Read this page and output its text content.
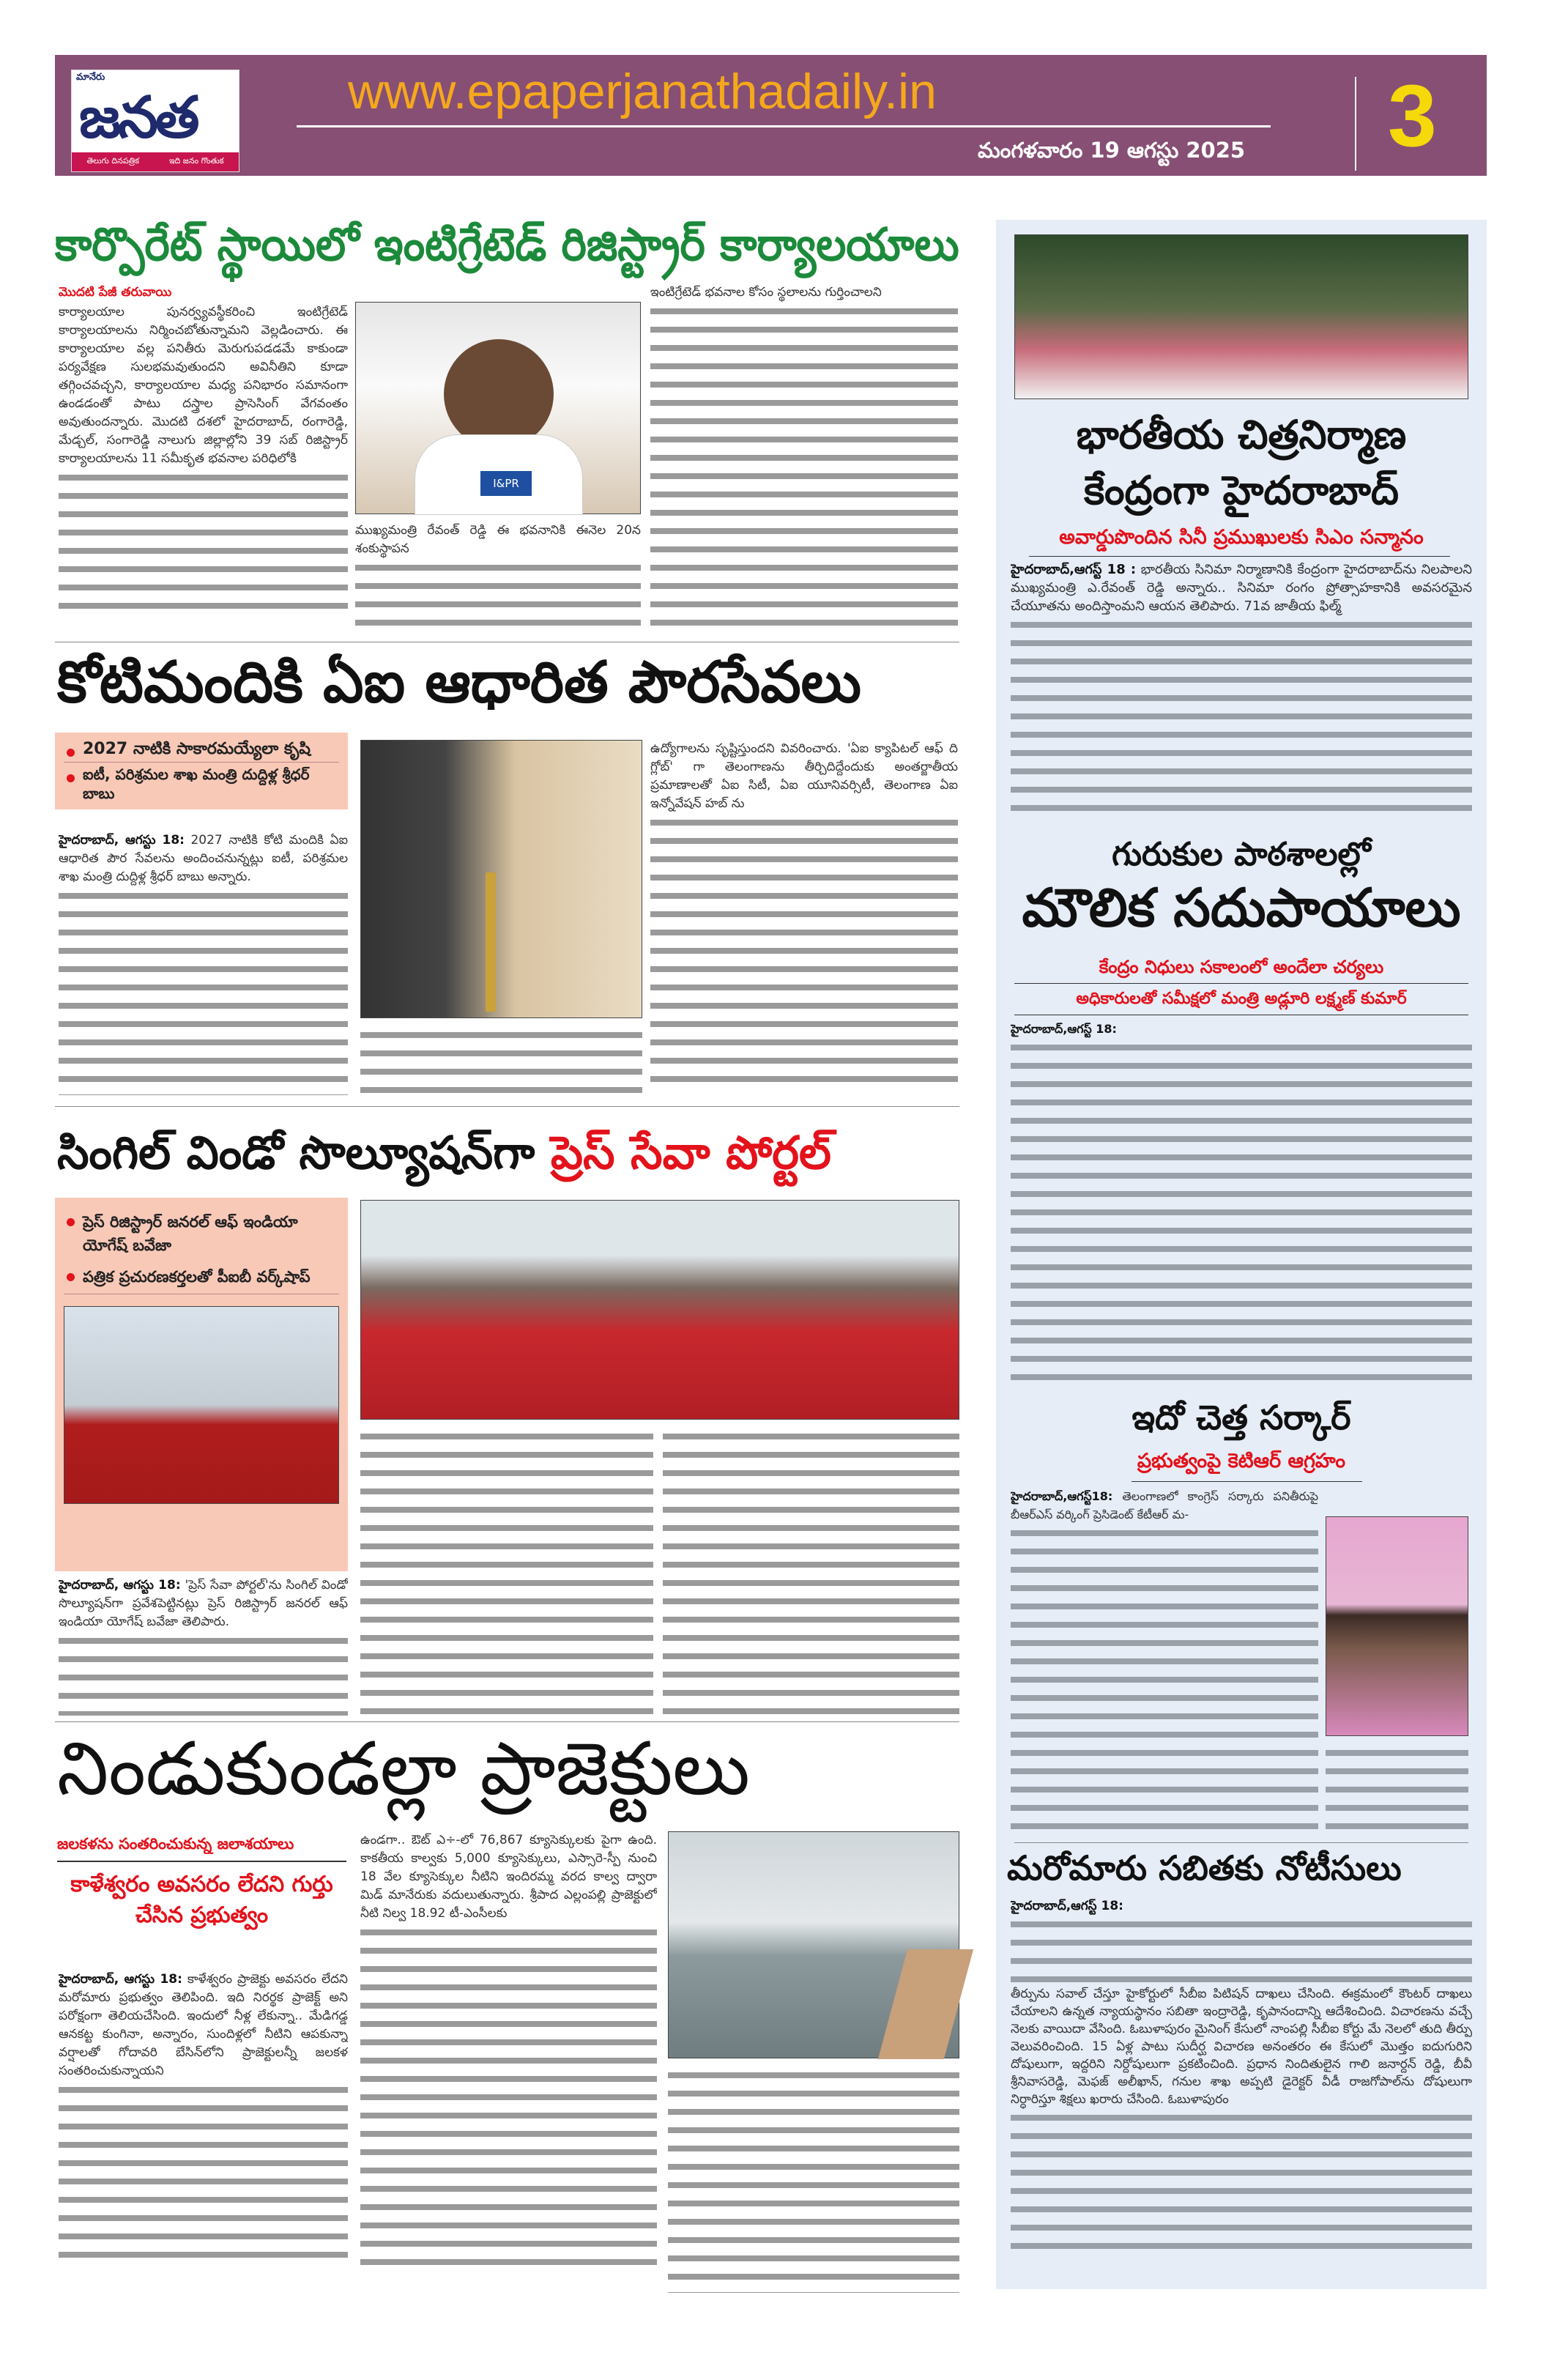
మానేరు
జనత
తెలుగు దినపత్రిక	ఇది జనం గొంతుక
www.epaperjanathadaily.in
మంగళవారం 19 ఆగస్టు 2025 3
కార్పొరేట్ స్థాయిలో ఇంటిగ్రేటెడ్ రిజిస్ట్రార్ కార్యాలయాలు
మొదటి పేజీ తరువాయి

కార్యాలయాల పునర్వ్యవస్థీకరించి ఇంటిగ్రేటెడ్ కార్యాలయాలను నిర్మించబోతున్నామని వెల్లడించారు. ఈ కార్యాలయాల వల్ల పనితీరు మెరుగుపడడమే కాకుండా పర్యవేక్షణ సులభమవుతుందని అవినీతిని కూడా తగ్గించవచ్చని, కార్యాలయాల మధ్య పనిభారం సమానంగా ఉండడంతో పాటు దస్త్రాల ప్రాసెసింగ్ వేగవంతం అవుతుందన్నారు. మొదటి దశలో హైదరాబాద్, రంగారెడ్డి, మేడ్చల్, సంగారెడ్డి నాలుగు జిల్లాల్లోని 39 సబ్ రిజిస్ట్రార్ కార్యాలయాలను 11 సమీకృత భవనాల పరిధిలోకి

I&PR

ముఖ్యమంత్రి రేవంత్ రెడ్డి ఈ భవనానికి ఈనెల 20న శంకుస్థాపన

ఇంటిగ్రేటెడ్ భవనాల కోసం స్థలాలను గుర్తించాలని

కోటిమందికి ఏఐ ఆధారిత పౌరసేవలు
2027 నాటికి సాకారమయ్యేలా కృషి
ఐటీ, పరిశ్రమల శాఖ మంత్రి దుద్దిళ్ల శ్రీధర్ బాబు

హైదరాబాద్, ఆగస్టు 18: 2027 నాటికి కోటి మందికి ఏఐ ఆధారిత పౌర సేవలను అందించనున్నట్లు ఐటీ, పరిశ్రమల శాఖ మంత్రి దుద్దిళ్ల శ్రీధర్ బాబు అన్నారు.

ఉద్యోగాలను సృష్టిస్తుందని వివరించారు. 'ఏఐ క్యాపిటల్ ఆఫ్ ది గ్లోబ్' గా తెలంగాణను తీర్చిదిద్దేందుకు అంతర్జాతీయ ప్రమాణాలతో ఏఐ సిటీ, ఏఐ యూనివర్సిటీ, తెలంగాణ ఏఐ ఇన్నోవేషన్ హబ్ ను

సింగిల్ విండో సొల్యూషన్‌గా ప్రెస్ సేవా పోర్టల్
ప్రెస్ రిజిస్ట్రార్ జనరల్ ఆఫ్ ఇండియా యోగేష్ బవేజా
పత్రిక ప్రచురణకర్తలతో పీఐబీ వర్క్‌షాప్

హైదరాబాద్, ఆగస్టు 18: 'ప్రెస్ సేవా పోర్టల్'ను సింగిల్ విండో సొల్యూషన్‌గా ప్రవేశపెట్టినట్లు ప్రెస్ రిజిస్ట్రార్ జనరల్ ఆఫ్ ఇండియా యోగేష్ బవేజా తెలిపారు.

నిండుకుండల్లా ప్రాజెక్టులు
జలకళను సంతరించుకున్న జలాశయాలు
కాళేశ్వరం అవసరం లేదని గుర్తు చేసిన ప్రభుత్వం

హైదరాబాద్, ఆగస్టు 18: కాళేశ్వరం ప్రాజెక్టు అవసరం లేదని మరోమారు ప్రభుత్వం తెలిపింది. ఇది నిరర్థక ప్రాజెక్ట్ అని పరోక్షంగా తెలియచేసింది. ఇందులో నీళ్ల లేకున్నా.. మేడిగడ్డ ఆనకట్ట కుంగినా, అన్నారం, సుందిళ్లలో నీటిని ఆపకున్నా వర్షాలతో గోదావరి బేసిన్‌లోని ప్రాజెక్టులన్నీ జలకళ సంతరించుకున్నాయని

ఉండగా.. ఔట్ ఎ÷-లో 76,867 క్యూసెక్కులకు పైగా ఉంది. కాకతీయ కాల్వకు 5,000 క్యూసెక్కులు, ఎస్సారె-స్పీ నుంచి 18 వేల క్యూసెక్కుల నీటిని ఇందిరమ్మ వరద కాల్వ ద్వారా మిడ్ మానేరుకు వదులుతున్నారు. శ్రీపాద ఎల్లంపల్లి ప్రాజెక్టులో నీటి నిల్వ 18.92 టీ-ఎంసీలకు

భారతీయ చిత్రనిర్మాణ
కేంద్రంగా హైదరాబాద్
అవార్డుపొందిన సినీ ప్రముఖులకు సిఎం సన్మానం

హైదరాబాద్,ఆగస్ట్ 18 : భారతీయ సినిమా నిర్మాణానికి కేంద్రంగా హైదరాబాద్‌ను నిలపాలని ముఖ్యమంత్రి ఎ.రేవంత్ రెడ్డి అన్నారు.. సినిమా రంగం ప్రోత్సాహకానికి అవసరమైన చేయూతను అందిస్తాంమని ఆయన తెలిపారు. 71వ జాతీయ ఫిల్మ్

గురుకుల పాఠశాలల్లో
మౌలిక సదుపాయాలు
కేంద్రం నిధులు సకాలంలో అందేలా చర్యలు
అధికారులతో సమీక్షలో మంత్రి అడ్లూరి లక్ష్మణ్ కుమార్

హైదరాబాద్,ఆగస్ట్ 18:

ఇదో చెత్త సర్కార్
ప్రభుత్వంపై కెటిఆర్ ఆగ్రహం

హైదరాబాద్,ఆగస్ట్18: తెలంగాణలో కాంగ్రెస్ సర్కారు పనితీరుపై బీఆర్ఎస్ వర్కింగ్ ప్రెసిడెంట్ కేటీఆర్ మ-

మరోమారు సబితకు నోటీసులు

హైదరాబాద్,ఆగస్ట్ 18:

తీర్పును సవాల్ చేస్తూ హైకోర్టులో సీబీఐ పిటిషన్ దాఖలు చేసింది. ఈక్రమంలో కౌంటర్ దాఖలు చేయాలని ఉన్నత న్యాయస్థానం సబితా ఇంద్రారెడ్డి, కృపానందాన్ని ఆదేశించింది. విచారణను వచ్చే నెలకు వాయిదా వేసింది. ఓబుళాపురం మైనింగ్ కేసులో నాంపల్లి సీబీఐ కోర్టు మే నెలలో తుది తీర్పు వెలువరించింది. 15 ఏళ్ల పాటు సుదీర్ఘ విచారణ అనంతరం ఈ కేసులో మొత్తం ఐదుగురిని దోషులుగా, ఇద్దరిని నిర్దోషులుగా ప్రకటించింది. ప్రధాన నిందితులైన గాలి జనార్దన్ రెడ్డి, బీవీ శ్రీనివాసరెడ్డి, మెఫజ్ అలీఖాన్, గనుల శాఖ అప్పటి డైరెక్టర్ వీడీ రాజగోపాల్‌ను దోషులుగా నిర్ధారిస్తూ శిక్షలు ఖరారు చేసింది. ఓబుళాపురం
